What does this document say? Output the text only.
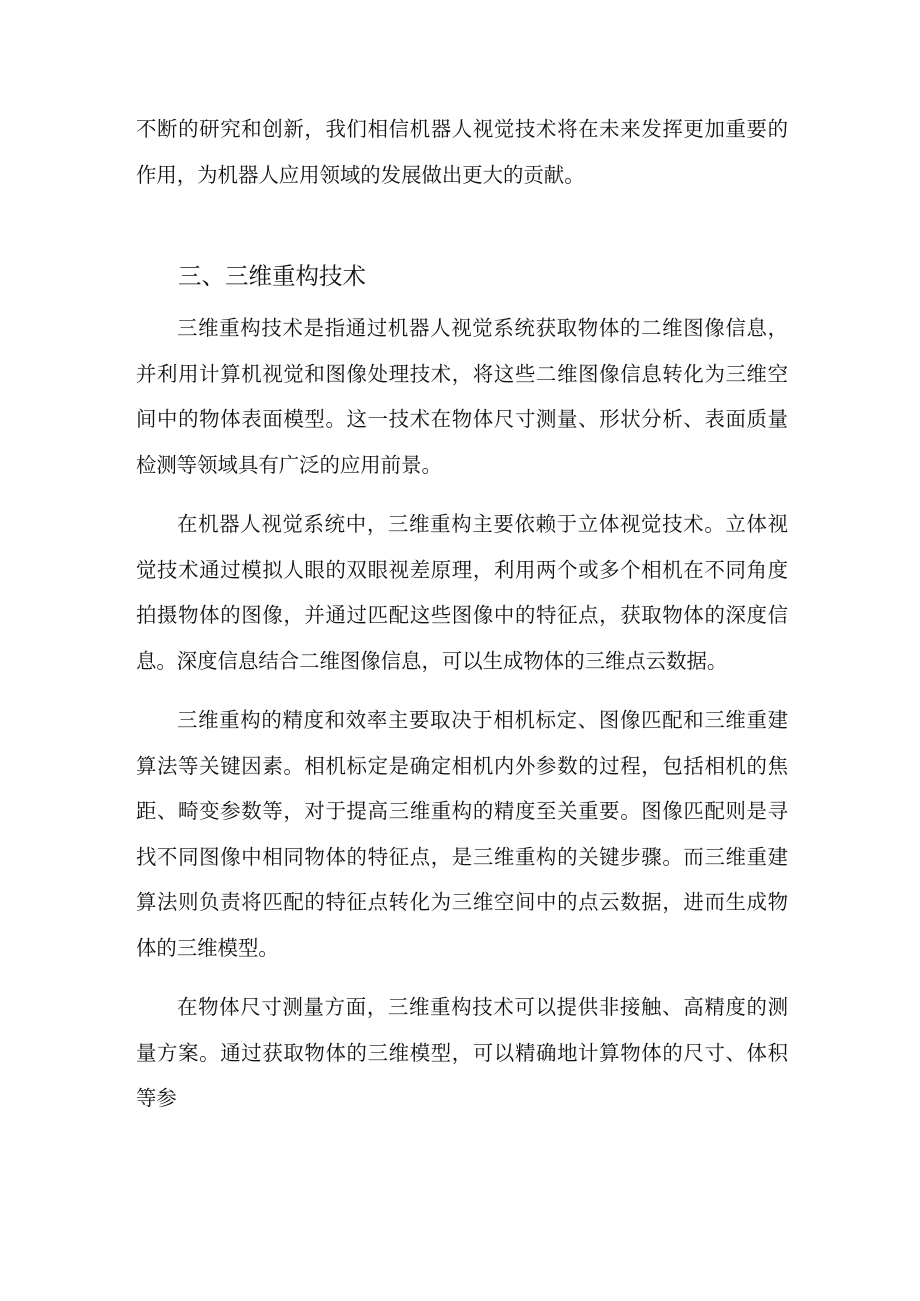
不断的研究和创新，我们相信机器人视觉技术将在未来发挥更加重要的作用，为机器人应用领域的发展做出更大的贡献。

三、三维重构技术

三维重构技术是指通过机器人视觉系统获取物体的二维图像信息，并利用计算机视觉和图像处理技术，将这些二维图像信息转化为三维空间中的物体表面模型。这一技术在物体尺寸测量、形状分析、表面质量检测等领域具有广泛的应用前景。

在机器人视觉系统中，三维重构主要依赖于立体视觉技术。立体视觉技术通过模拟人眼的双眼视差原理，利用两个或多个相机在不同角度拍摄物体的图像，并通过匹配这些图像中的特征点，获取物体的深度信息。深度信息结合二维图像信息，可以生成物体的三维点云数据。

三维重构的精度和效率主要取决于相机标定、图像匹配和三维重建算法等关键因素。相机标定是确定相机内外参数的过程，包括相机的焦距、畸变参数等，对于提高三维重构的精度至关重要。图像匹配则是寻找不同图像中相同物体的特征点，是三维重构的关键步骤。而三维重建算法则负责将匹配的特征点转化为三维空间中的点云数据，进而生成物体的三维模型。

在物体尺寸测量方面，三维重构技术可以提供非接触、高精度的测量方案。通过获取物体的三维模型，可以精确地计算物体的尺寸、体积等参
